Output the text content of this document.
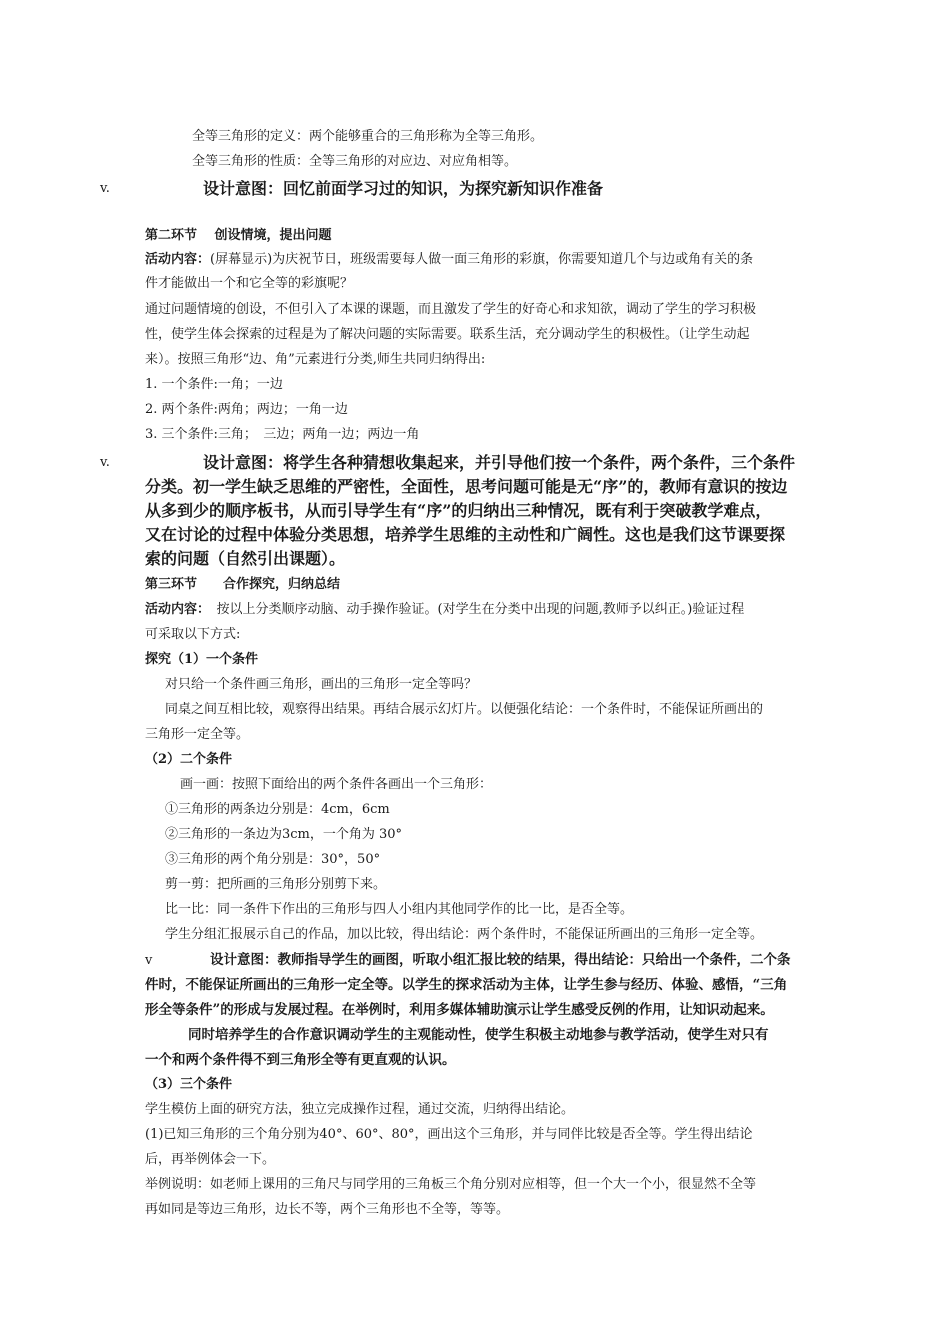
全等三角形的定义：两个能够重合的三角形称为全等三角形。
全等三角形的性质：全等三角形的对应边、对应角相等。
v.	设计意图：回忆前面学习过的知识，为探究新知识作准备
第二环节　 创设情境，提出问题
活动内容：(屏幕显示)为庆祝节日，班级需要每人做一面三角形的彩旗，你需要知道几个与边或角有关的条
件才能做出一个和它全等的彩旗呢？
通过问题情境的创设，不但引入了本课的课题，而且激发了学生的好奇心和求知欲，调动了学生的学习积极
性，使学生体会探索的过程是为了解决问题的实际需要。联系生活，充分调动学生的积极性。（让学生动起
来）。按照三角形“边、角”元素进行分类,师生共同归纳得出:
1. 一个条件:一角；一边
2. 两个条件:两角；两边；一角一边
3. 三个条件:三角；　三边；两角一边；两边一角
v.	设计意图：将学生各种猜想收集起来，并引导他们按一个条件，两个条件，三个条件
分类。初一学生缺乏思维的严密性，全面性，思考问题可能是无“序”的，教师有意识的按边
从多到少的顺序板书，从而引导学生有“序”的归纳出三种情况，既有利于突破教学难点，
又在讨论的过程中体验分类思想，培养学生思维的主动性和广阔性。这也是我们这节课要探
索的问题（自然引出课题）。
第三环节　　合作探究，归纳总结
活动内容：　按以上分类顺序动脑、动手操作验证。(对学生在分类中出现的问题,教师予以纠正。)验证过程
可采取以下方式:
探究（1）一个条件
对只给一个条件画三角形，画出的三角形一定全等吗？
同桌之间互相比较，观察得出结果。再结合展示幻灯片。以便强化结论：一个条件时，不能保证所画出的
三角形一定全等。
（2）二个条件
画一画：按照下面给出的两个条件各画出一个三角形：
①三角形的两条边分别是：4cm，6cm
②三角形的一条边为3cm，一个角为 30°
③三角形的两个角分别是：30°，50°
剪一剪：把所画的三角形分别剪下来。
比一比：同一条件下作出的三角形与四人小组内其他同学作的比一比，是否全等。
学生分组汇报展示自己的作品，加以比较，得出结论：两个条件时，不能保证所画出的三角形一定全等。
v	设计意图：教师指导学生的画图，听取小组汇报比较的结果，得出结论：只给出一个条件，二个条
件时，不能保证所画出的三角形一定全等。以学生的探求活动为主体，让学生参与经历、体验、感悟，“三角
形全等条件”的形成与发展过程。在举例时，利用多媒体辅助演示让学生感受反例的作用，让知识动起来。
同时培养学生的合作意识调动学生的主观能动性，使学生积极主动地参与教学活动，使学生对只有
一个和两个条件得不到三角形全等有更直观的认识。
（3）三个条件
学生模仿上面的研究方法，独立完成操作过程，通过交流，归纳得出结论。
(1)已知三角形的三个角分别为40°、60°、80°，画出这个三角形，并与同伴比较是否全等。学生得出结论
后，再举例体会一下。
举例说明：如老师上课用的三角尺与同学用的三角板三个角分别对应相等，但一个大一个小，很显然不全等
再如同是等边三角形，边长不等，两个三角形也不全等，等等。
